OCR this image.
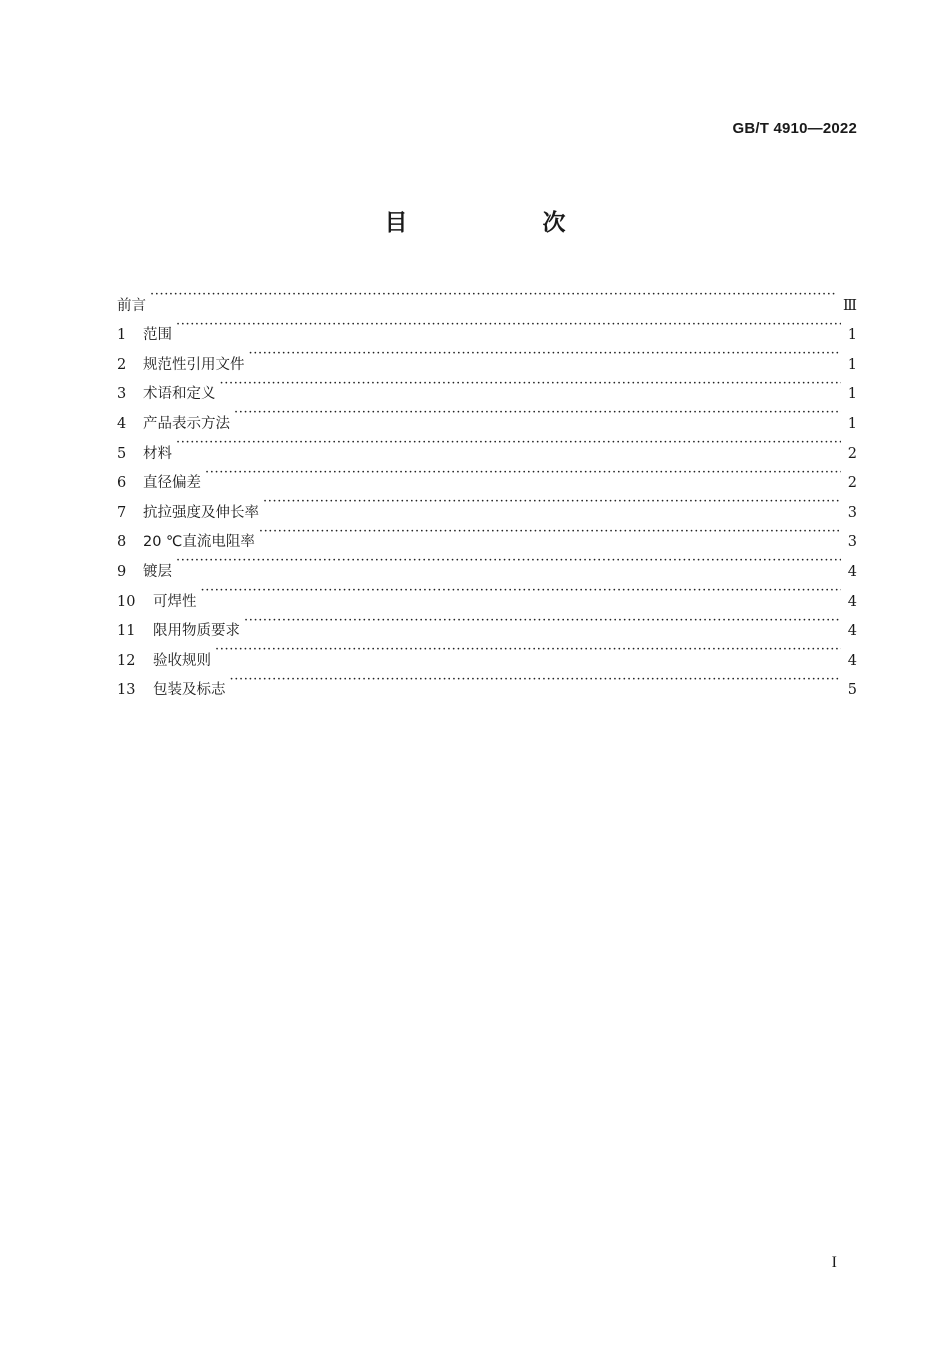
GB/T 4910—2022
目　次
前言 ·····	Ⅲ
1	范围 ·····	1
2	规范性引用文件 ·····	1
3	术语和定义 ·····	1
4	产品表示方法 ·····	1
5	材料 ·····	2
6	直径偏差 ·····	2
7	抗拉强度及伸长率 ·····	3
8	20 ℃直流电阻率 ·····	3
9	镀层 ·····	4
10	可焊性 ·····	4
11	限用物质要求 ·····	4
12	验收规则 ·····	4
13	包装及标志 ·····	5
I
